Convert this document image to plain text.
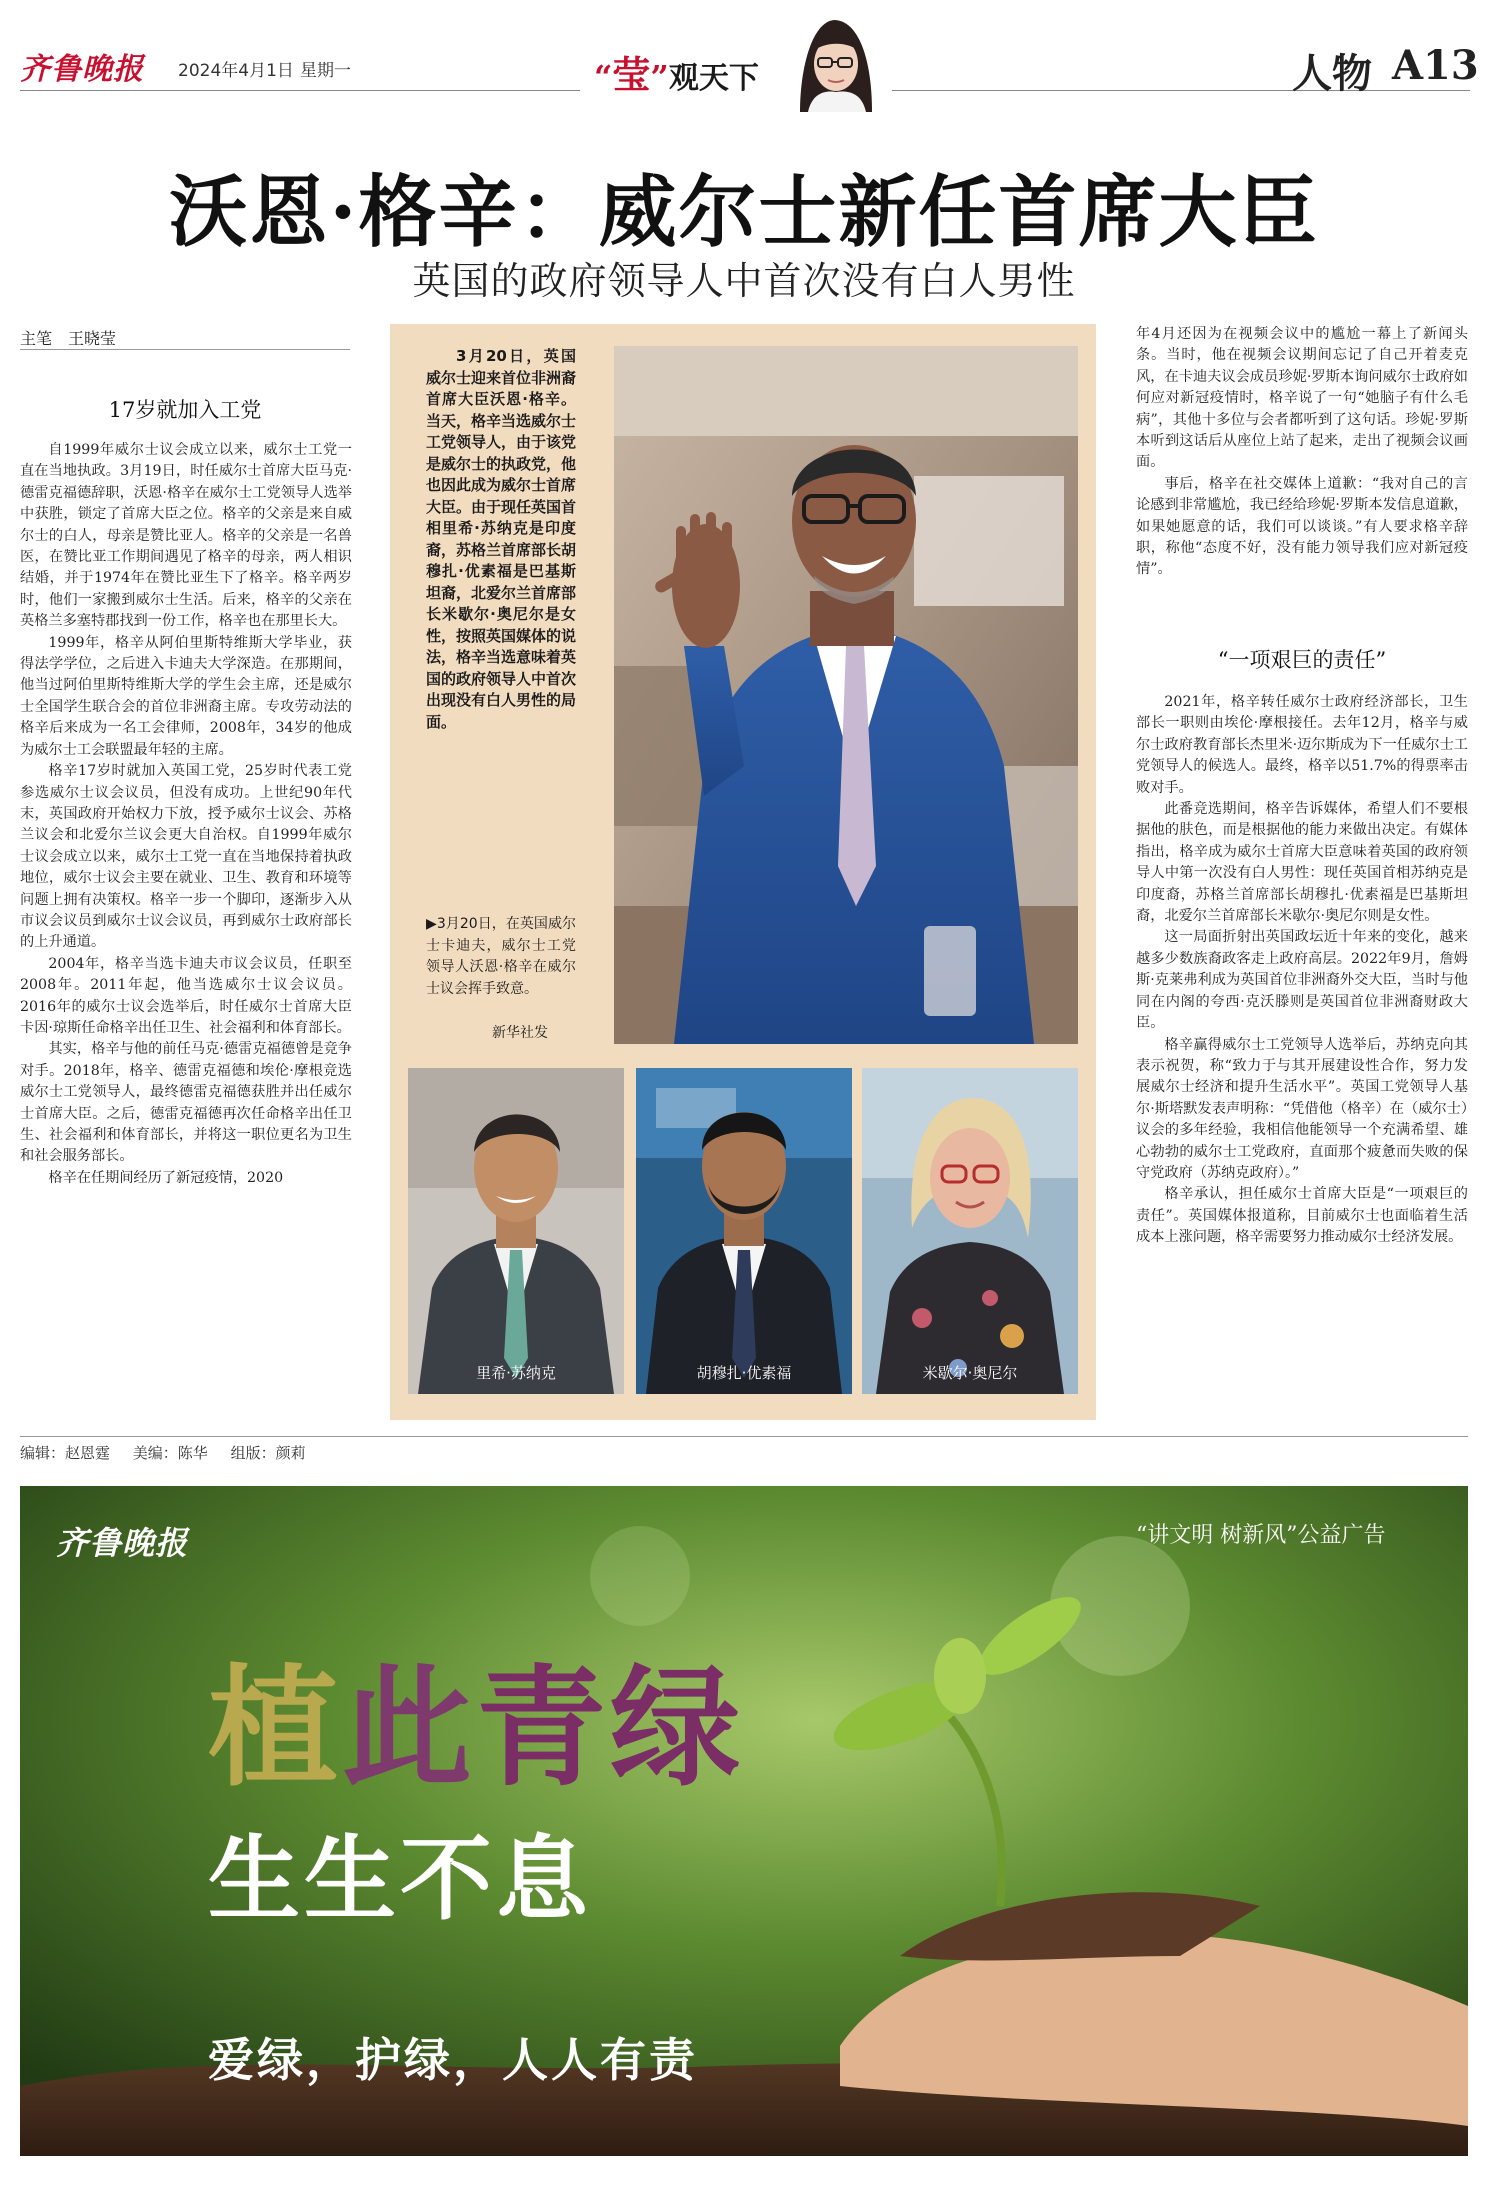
齐鲁晚报 2024年4月1日 星期一	“莹”观天下	人物 A13
沃恩·格辛：威尔士新任首席大臣
英国的政府领导人中首次没有白人男性
主笔　王晓莹
17岁就加入工党

自1999年威尔士议会成立以来，威尔士工党一直在当地执政。3月19日，时任威尔士首席大臣马克·德雷克福德辞职，沃恩·格辛在威尔士工党领导人选举中获胜，锁定了首席大臣之位。格辛的父亲是来自威尔士的白人，母亲是赞比亚人。格辛的父亲是一名兽医，在赞比亚工作期间遇见了格辛的母亲，两人相识结婚，并于1974年在赞比亚生下了格辛。格辛两岁时，他们一家搬到威尔士生活。后来，格辛的父亲在英格兰多塞特郡找到一份工作，格辛也在那里长大。

1999年，格辛从阿伯里斯特维斯大学毕业，获得法学学位，之后进入卡迪夫大学深造。在那期间，他当过阿伯里斯特维斯大学的学生会主席，还是威尔士全国学生联合会的首位非洲裔主席。专攻劳动法的格辛后来成为一名工会律师，2008年，34岁的他成为威尔士工会联盟最年轻的主席。

格辛17岁时就加入英国工党，25岁时代表工党参选威尔士议会议员，但没有成功。上世纪90年代末，英国政府开始权力下放，授予威尔士议会、苏格兰议会和北爱尔兰议会更大自治权。自1999年威尔士议会成立以来，威尔士工党一直在当地保持着执政地位，威尔士议会主要在就业、卫生、教育和环境等问题上拥有决策权。格辛一步一个脚印，逐渐步入从市议会议员到威尔士议会议员，再到威尔士政府部长的上升通道。

2004年，格辛当选卡迪夫市议会议员，任职至2008年。2011年起，他当选威尔士议会议员。2016年的威尔士议会选举后，时任威尔士首席大臣卡因·琼斯任命格辛出任卫生、社会福利和体育部长。

其实，格辛与他的前任马克·德雷克福德曾是竞争对手。2018年，格辛、德雷克福德和埃伦·摩根竞选威尔士工党领导人，最终德雷克福德获胜并出任威尔士首席大臣。之后，德雷克福德再次任命格辛出任卫生、社会福利和体育部长，并将这一职位更名为卫生和社会服务部长。

格辛在任期间经历了新冠疫情，2020

3月20日，英国威尔士迎来首位非洲裔首席大臣沃恩·格辛。当天，格辛当选威尔士工党领导人，由于该党是威尔士的执政党，他也因此成为威尔士首席大臣。由于现任英国首相里希·苏纳克是印度裔，苏格兰首席部长胡穆扎·优素福是巴基斯坦裔，北爱尔兰首席部长米歇尔·奥尼尔是女性，按照英国媒体的说法，格辛当选意味着英国的政府领导人中首次出现没有白人男性的局面。

▶3月20日，在英国威尔士卡迪夫，威尔士工党领导人沃恩·格辛在威尔士议会挥手致意。
新华社发
里希·苏纳克	胡穆扎·优素福	米歇尔·奥尼尔

年4月还因为在视频会议中的尴尬一幕上了新闻头条。当时，他在视频会议期间忘记了自己开着麦克风，在卡迪夫议会成员珍妮·罗斯本询问威尔士政府如何应对新冠疫情时，格辛说了一句“她脑子有什么毛病”，其他十多位与会者都听到了这句话。珍妮·罗斯本听到这话后从座位上站了起来，走出了视频会议画面。

事后，格辛在社交媒体上道歉：“我对自己的言论感到非常尴尬，我已经给珍妮·罗斯本发信息道歉，如果她愿意的话，我们可以谈谈。”有人要求格辛辞职，称他“态度不好，没有能力领导我们应对新冠疫情”。

“一项艰巨的责任”

2021年，格辛转任威尔士政府经济部长，卫生部长一职则由埃伦·摩根接任。去年12月，格辛与威尔士政府教育部长杰里米·迈尔斯成为下一任威尔士工党领导人的候选人。最终，格辛以51.7%的得票率击败对手。

此番竞选期间，格辛告诉媒体，希望人们不要根据他的肤色，而是根据他的能力来做出决定。有媒体指出，格辛成为威尔士首席大臣意味着英国的政府领导人中第一次没有白人男性：现任英国首相苏纳克是印度裔，苏格兰首席部长胡穆扎·优素福是巴基斯坦裔，北爱尔兰首席部长米歇尔·奥尼尔则是女性。

这一局面折射出英国政坛近十年来的变化，越来越多少数族裔政客走上政府高层。2022年9月，詹姆斯·克莱弗利成为英国首位非洲裔外交大臣，当时与他同在内阁的夸西·克沃滕则是英国首位非洲裔财政大臣。

格辛赢得威尔士工党领导人选举后，苏纳克向其表示祝贺，称“致力于与其开展建设性合作，努力发展威尔士经济和提升生活水平”。英国工党领导人基尔·斯塔默发表声明称：“凭借他（格辛）在（威尔士）议会的多年经验，我相信他能领导一个充满希望、雄心勃勃的威尔士工党政府，直面那个疲惫而失败的保守党政府（苏纳克政府）。”

格辛承认，担任威尔士首席大臣是“一项艰巨的责任”。英国媒体报道称，目前威尔士也面临着生活成本上涨问题，格辛需要努力推动威尔士经济发展。

编辑：赵恩霆 美编：陈华 组版：颜莉
齐鲁晚报	“讲文明 树新风”公益广告
植此青绿
生生不息
爱绿，护绿，人人有责
